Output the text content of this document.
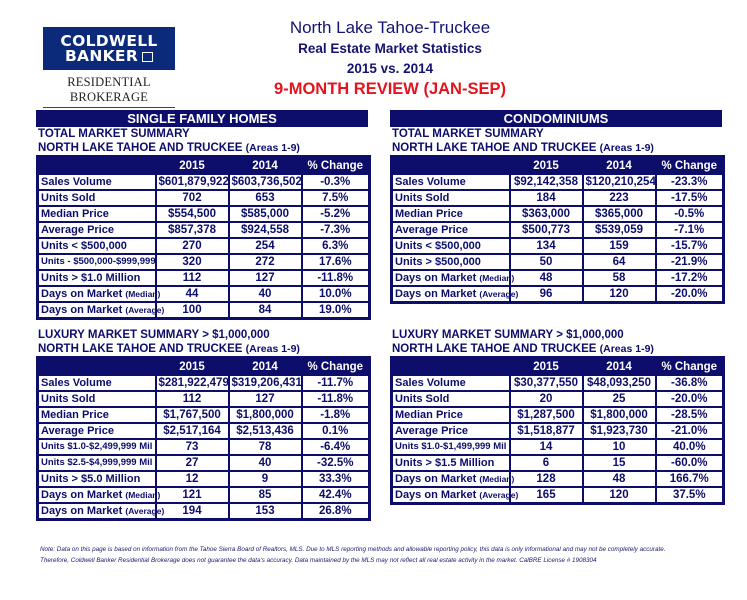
COLDWELL
BANKER
RESIDENTIAL BROKERAGE
North Lake Tahoe-Truckee
Real Estate Market Statistics
2015 vs. 2014
9-MONTH REVIEW (JAN-SEP)
SINGLE FAMILY HOMES
TOTAL MARKET SUMMARY
NORTH LAKE TAHOE AND TRUCKEE (Areas 1-9)
	2015	2014	% Change
Sales Volume	$601,879,922	$603,736,502	-0.3%
Units Sold	702	653	7.5%
Median Price	$554,500	$585,000	-5.2%
Average Price	$857,378	$924,558	-7.3%
Units < $500,000	270	254	6.3%
Units - $500,000-$999,999	320	272	17.6%
Units > $1.0 Million	112	127	-11.8%
Days on Market (Median)	44	40	10.0%
Days on Market (Average)	100	84	19.0%
CONDOMINIUMS
TOTAL MARKET SUMMARY
NORTH LAKE TAHOE AND TRUCKEE (Areas 1-9)
	2015	2014	% Change
Sales Volume	$92,142,358	$120,210,254	-23.3%
Units Sold	184	223	-17.5%
Median Price	$363,000	$365,000	-0.5%
Average Price	$500,773	$539,059	-7.1%
Units < $500,000	134	159	-15.7%
Units > $500,000	50	64	-21.9%
Days on Market (Median)	48	58	-17.2%
Days on Market (Average)	96	120	-20.0%
LUXURY MARKET SUMMARY > $1,000,000
NORTH LAKE TAHOE AND TRUCKEE (Areas 1-9)
	2015	2014	% Change
Sales Volume	$281,922,479	$319,206,431	-11.7%
Units Sold	112	127	-11.8%
Median Price	$1,767,500	$1,800,000	-1.8%
Average Price	$2,517,164	$2,513,436	0.1%
Units $1.0-$2,499,999 Mil	73	78	-6.4%
Units $2.5-$4,999,999 Mil	27	40	-32.5%
Units > $5.0 Million	12	9	33.3%
Days on Market (Median)	121	85	42.4%
Days on Market (Average)	194	153	26.8%
LUXURY MARKET SUMMARY > $1,000,000
NORTH LAKE TAHOE AND TRUCKEE (Areas 1-9)
	2015	2014	% Change
Sales Volume	$30,377,550	$48,093,250	-36.8%
Units Sold	20	25	-20.0%
Median Price	$1,287,500	$1,800,000	-28.5%
Average Price	$1,518,877	$1,923,730	-21.0%
Units $1.0-$1,499,999 Mil	14	10	40.0%
Units > $1.5 Million	6	15	-60.0%
Days on Market (Median)	128	48	166.7%
Days on Market (Average)	165	120	37.5%
Note: Data on this page is based on information from the Tahoe Sierra Board of Realtors, MLS. Due to MLS reporting methods and allowable reporting policy, this data is only informational and may not be completely accurate.
Therefore, Coldwell Banker Residential Brokerage does not guarantee the data's accuracy. Data maintained by the MLS may not reflect all real estate activity in the market. CalBRE License # 1908304
